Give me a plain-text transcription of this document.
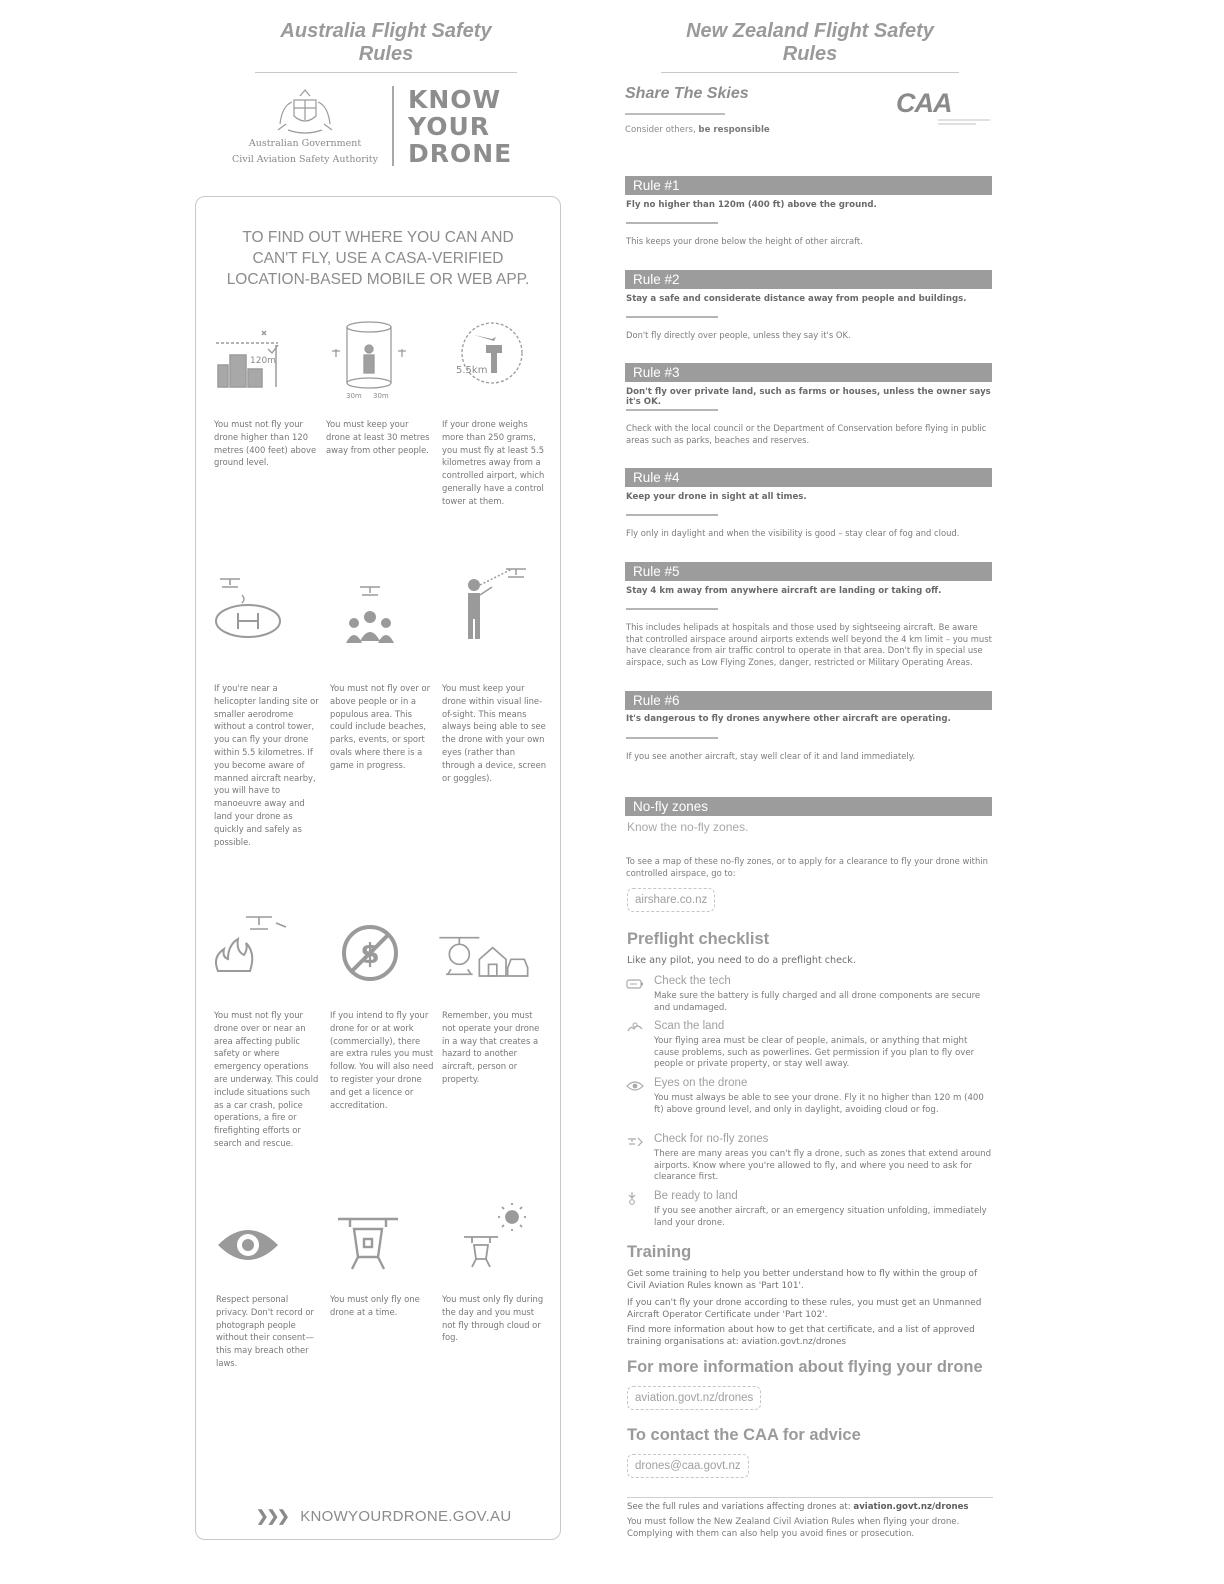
Australia Flight Safety Rules
New Zealand Flight Safety Rules
Australian Government
Civil Aviation Safety Authority
KNOW
YOUR
DRONE
TO FIND OUT WHERE YOU CAN AND CAN'T FLY, USE A CASA-VERIFIED LOCATION-BASED MOBILE OR WEB APP.
120m
30m 30m
5.5km
You must not fly your drone higher than 120 metres (400 feet) above ground level.
You must keep your drone at least 30 metres away from other people.
If your drone weighs more than 250 grams, you must fly at least 5.5 kilometres away from a controlled airport, which generally have a control tower at them.
If you're near a helicopter landing site or smaller aerodrome without a control tower, you can fly your drone within 5.5 kilometres. If you become aware of manned aircraft nearby, you will have to manoeuvre away and land your drone as quickly and safely as possible.
You must not fly over or above people or in a populous area. This could include beaches, parks, events, or sport ovals where there is a game in progress.
You must keep your drone within visual line-of-sight. This means always being able to see the drone with your own eyes (rather than through a device, screen or goggles).
$
You must not fly your drone over or near an area affecting public safety or where emergency operations are underway. This could include situations such as a car crash, police operations, a fire or firefighting efforts or search and rescue.
If you intend to fly your drone for or at work (commercially), there are extra rules you must follow. You will also need to register your drone and get a licence or accreditation.
Remember, you must not operate your drone in a way that creates a hazard to another aircraft, person or property.
Respect personal privacy. Don't record or photograph people without their consent— this may breach other laws.
You must only fly one drone at a time.
You must only fly during the day and you must not fly through cloud or fog.
❯❯❯ KNOWYOURDRONE.GOV.AU
Share The Skies
Consider others, be responsible
CAA
Rule #1
Fly no higher than 120m (400 ft) above the ground.
This keeps your drone below the height of other aircraft.
Rule #2
Stay a safe and considerate distance away from people and buildings.
Don't fly directly over people, unless they say it's OK.
Rule #3
Don't fly over private land, such as farms or houses, unless the owner says it's OK.
Check with the local council or the Department of Conservation before flying in public areas such as parks, beaches and reserves.
Rule #4
Keep your drone in sight at all times.
Fly only in daylight and when the visibility is good – stay clear of fog and cloud.
Rule #5
Stay 4 km away from anywhere aircraft are landing or taking off.
This includes helipads at hospitals and those used by sightseeing aircraft. Be aware that controlled airspace around airports extends well beyond the 4 km limit – you must have clearance from air traffic control to operate in that area. Don't fly in special use airspace, such as Low Flying Zones, danger, restricted or Military Operating Areas.
Rule #6
It's dangerous to fly drones anywhere other aircraft are operating.
If you see another aircraft, stay well clear of it and land immediately.
No-fly zones
Know the no-fly zones.
To see a map of these no-fly zones, or to apply for a clearance to fly your drone within controlled airspace, go to:
airshare.co.nz
Preflight checklist
Like any pilot, you need to do a preflight check.
Check the tech
Make sure the battery is fully charged and all drone components are secure and undamaged.
Scan the land
Your flying area must be clear of people, animals, or anything that might cause problems, such as powerlines. Get permission if you plan to fly over people or private property, or stay well away.
Eyes on the drone
You must always be able to see your drone. Fly it no higher than 120 m (400 ft) above ground level, and only in daylight, avoiding cloud or fog.
Check for no-fly zones
There are many areas you can't fly a drone, such as zones that extend around airports. Know where you're allowed to fly, and where you need to ask for clearance first.
Be ready to land
If you see another aircraft, or an emergency situation unfolding, immediately land your drone.
Training
Get some training to help you better understand how to fly within the group of Civil Aviation Rules known as 'Part 101'.
If you can't fly your drone according to these rules, you must get an Unmanned Aircraft Operator Certificate under 'Part 102'.
Find more information about how to get that certificate, and a list of approved training organisations at: aviation.govt.nz/drones
For more information about flying your drone
aviation.govt.nz/drones
To contact the CAA for advice
drones@caa.govt.nz
See the full rules and variations affecting drones at: aviation.govt.nz/drones
You must follow the New Zealand Civil Aviation Rules when flying your drone. Complying with them can also help you avoid fines or prosecution.
